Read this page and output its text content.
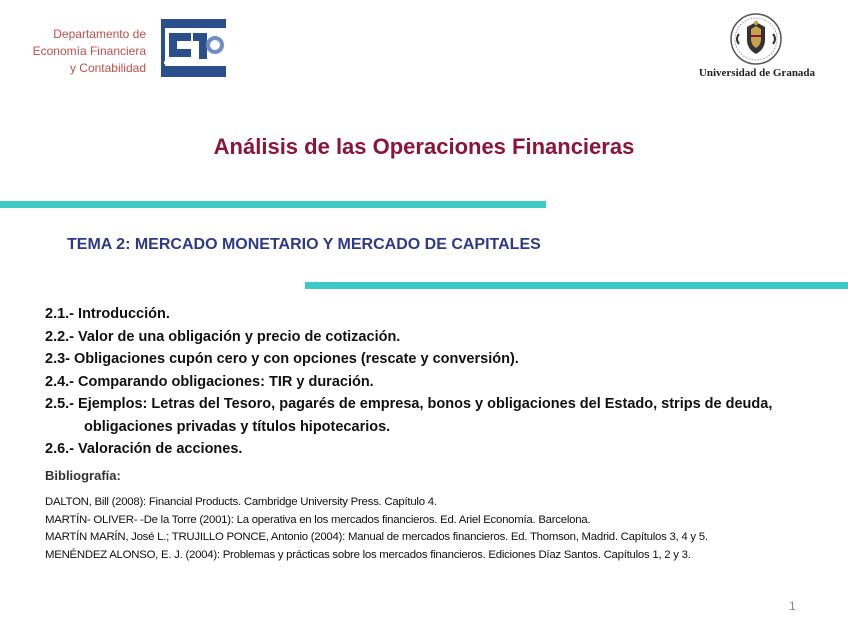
Departamento de
Economía Financiera
y Contabilidad	Universidad de Granada
Análisis de las Operaciones Financieras
TEMA 2: MERCADO MONETARIO Y MERCADO DE CAPITALES
2.1.- Introducción.
2.2.- Valor de una obligación y precio de cotización.
2.3- Obligaciones cupón cero y con opciones (rescate y conversión).
2.4.- Comparando obligaciones: TIR y duración.
2.5.- Ejemplos: Letras del Tesoro, pagarés de empresa, bonos y obligaciones del Estado, strips de deuda, obligaciones privadas y títulos hipotecarios.
2.6.- Valoración de acciones.
Bibliografía:
DALTON, Bill (2008): Financial Products. Cambridge University Press. Capítulo 4.
MARTÍN- OLIVER- -De la Torre (2001): La operativa en los mercados financieros. Ed. Ariel Economía. Barcelona.
MARTÍN MARÍN, José L.; TRUJILLO PONCE, Antonio (2004): Manual de mercados financieros. Ed. Thomson, Madrid. Capítulos 3, 4 y 5.
MENÉNDEZ ALONSO, E. J. (2004): Problemas y prácticas sobre los mercados financieros. Ediciones Díaz Santos. Capítulos 1, 2 y 3.
1
